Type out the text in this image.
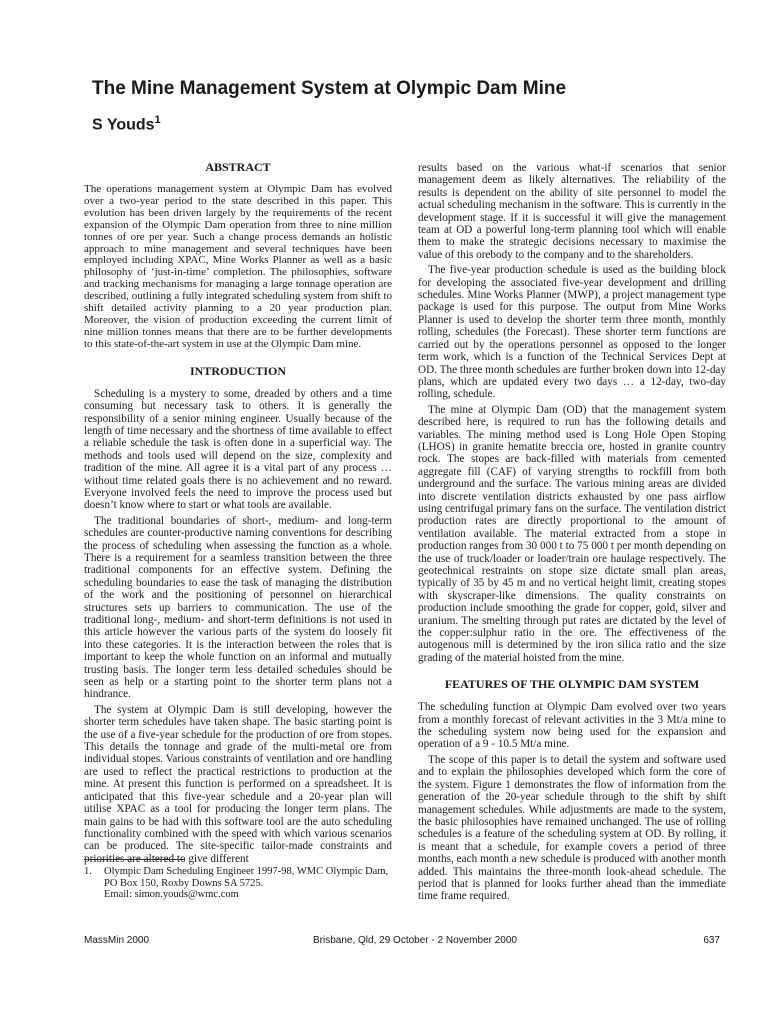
The Mine Management System at Olympic Dam Mine
S Youds$^1$
ABSTRACT

The operations management system at Olympic Dam has evolved over a two-year period to the state described in this paper. This evolution has been driven largely by the requirements of the recent expansion of the Olympic Dam operation from three to nine million tonnes of ore per year. Such a change process demands an holistic approach to mine management and several techniques have been employed including XPAC, Mine Works Planner as well as a basic philosophy of ‘just-in-time’ completion. The philosophies, software and tracking mechanisms for managing a large tonnage operation are described, outlining a fully integrated scheduling system from shift to shift detailed activity planning to a 20 year production plan. Moreover, the vision of production exceeding the current limit of nine million tonnes means that there are to be further developments to this state-of-the-art system in use at the Olympic Dam mine.

INTRODUCTION

Scheduling is a mystery to some, dreaded by others and a time consuming but necessary task to others. It is generally the responsibility of a senior mining engineer. Usually because of the length of time necessary and the shortness of time available to effect a reliable schedule the task is often done in a superficial way. The methods and tools used will depend on the size, complexity and tradition of the mine. All agree it is a vital part of any process … without time related goals there is no achievement and no reward. Everyone involved feels the need to improve the process used but doesn’t know where to start or what tools are available.

The traditional boundaries of short-, medium- and long-term schedules are counter-productive naming conventions for describing the process of scheduling when assessing the function as a whole. There is a requirement for a seamless transition between the three traditional components for an effective system. Defining the scheduling boundaries to ease the task of managing the distribution of the work and the positioning of personnel on hierarchical structures sets up barriers to communication. The use of the traditional long-, medium- and short-term definitions is not used in this article however the various parts of the system do loosely fit into these categories. It is the interaction between the roles that is important to keep the whole function on an informal and mutually trusting basis. The longer term less detailed schedules should be seen as help or a starting point to the shorter term plans not a hindrance.

The system at Olympic Dam is still developing, however the shorter term schedules have taken shape. The basic starting point is the use of a five-year schedule for the production of ore from stopes. This details the tonnage and grade of the multi-metal ore from individual stopes. Various constraints of ventilation and ore handling are used to reflect the practical restrictions to production at the mine. At present this function is performed on a spreadsheet. It is anticipated that this five-year schedule and a 20-year plan will utilise XPAC as a tool for producing the longer term plans. The main gains to be had with this software tool are the auto scheduling functionality combined with the speed with which various scenarios can be produced. The site-specific tailor-made constraints and priorities are altered to give different

results based on the various what-if scenarios that senior management deem as likely alternatives. The reliability of the results is dependent on the ability of site personnel to model the actual scheduling mechanism in the software. This is currently in the development stage. If it is successful it will give the management team at OD a powerful long-term planning tool which will enable them to make the strategic decisions necessary to maximise the value of this orebody to the company and to the shareholders.

The five-year production schedule is used as the building block for developing the associated five-year development and drilling schedules. Mine Works Planner (MWP), a project management type package is used for this purpose. The output from Mine Works Planner is used to develop the shorter term three month, monthly rolling, schedules (the Forecast). These shorter term functions are carried out by the operations personnel as opposed to the longer term work, which is a function of the Technical Services Dept at OD. The three month schedules are further broken down into 12-day plans, which are updated every two days … a 12-day, two-day rolling, schedule.

The mine at Olympic Dam (OD) that the management system described here, is required to run has the following details and variables. The mining method used is Long Hole Open Stoping (LHOS) in granite hematite breccia ore, hosted in granite country rock. The stopes are back-filled with materials from cemented aggregate fill (CAF) of varying strengths to rockfill from both underground and the surface. The various mining areas are divided into discrete ventilation districts exhausted by one pass airflow using centrifugal primary fans on the surface. The ventilation district production rates are directly proportional to the amount of ventilation available. The material extracted from a stope in production ranges from 30 000 t to 75 000 t per month depending on the use of truck/loader or loader/train ore haulage respectively. The geotechnical restraints on stope size dictate small plan areas, typically of 35 by 45 m and no vertical height limit, creating stopes with skyscraper-like dimensions. The quality constraints on production include smoothing the grade for copper, gold, silver and uranium. The smelting through put rates are dictated by the level of the copper:sulphur ratio in the ore. The effectiveness of the autogenous mill is determined by the iron silica ratio and the size grading of the material hoisted from the mine.

FEATURES OF THE OLYMPIC DAM SYSTEM

The scheduling function at Olympic Dam evolved over two years from a monthly forecast of relevant activities in the 3 Mt/a mine to the scheduling system now being used for the expansion and operation of a 9 - 10.5 Mt/a mine.

The scope of this paper is to detail the system and software used and to explain the philosophies developed which form the core of the system. Figure 1 demonstrates the flow of information from the generation of the 20-year schedule through to the shift by shift management schedules. While adjustments are made to the system, the basic philosophies have remained unchanged. The use of rolling schedules is a feature of the scheduling system at OD. By rolling, it is meant that a schedule, for example covers a period of three months, each month a new schedule is produced with another month added. This maintains the three-month look-ahead schedule. The period that is planned for looks further ahead than the immediate time frame required.

1. Olympic Dam Scheduling Engineer 1997-98, WMC Olympic Dam,
PO Box 150, Roxby Downs SA 5725.
Email: simon.youds@wmc.com
MassMin 2000	Brisbane, Qld, 29 October - 2 November 2000	637
